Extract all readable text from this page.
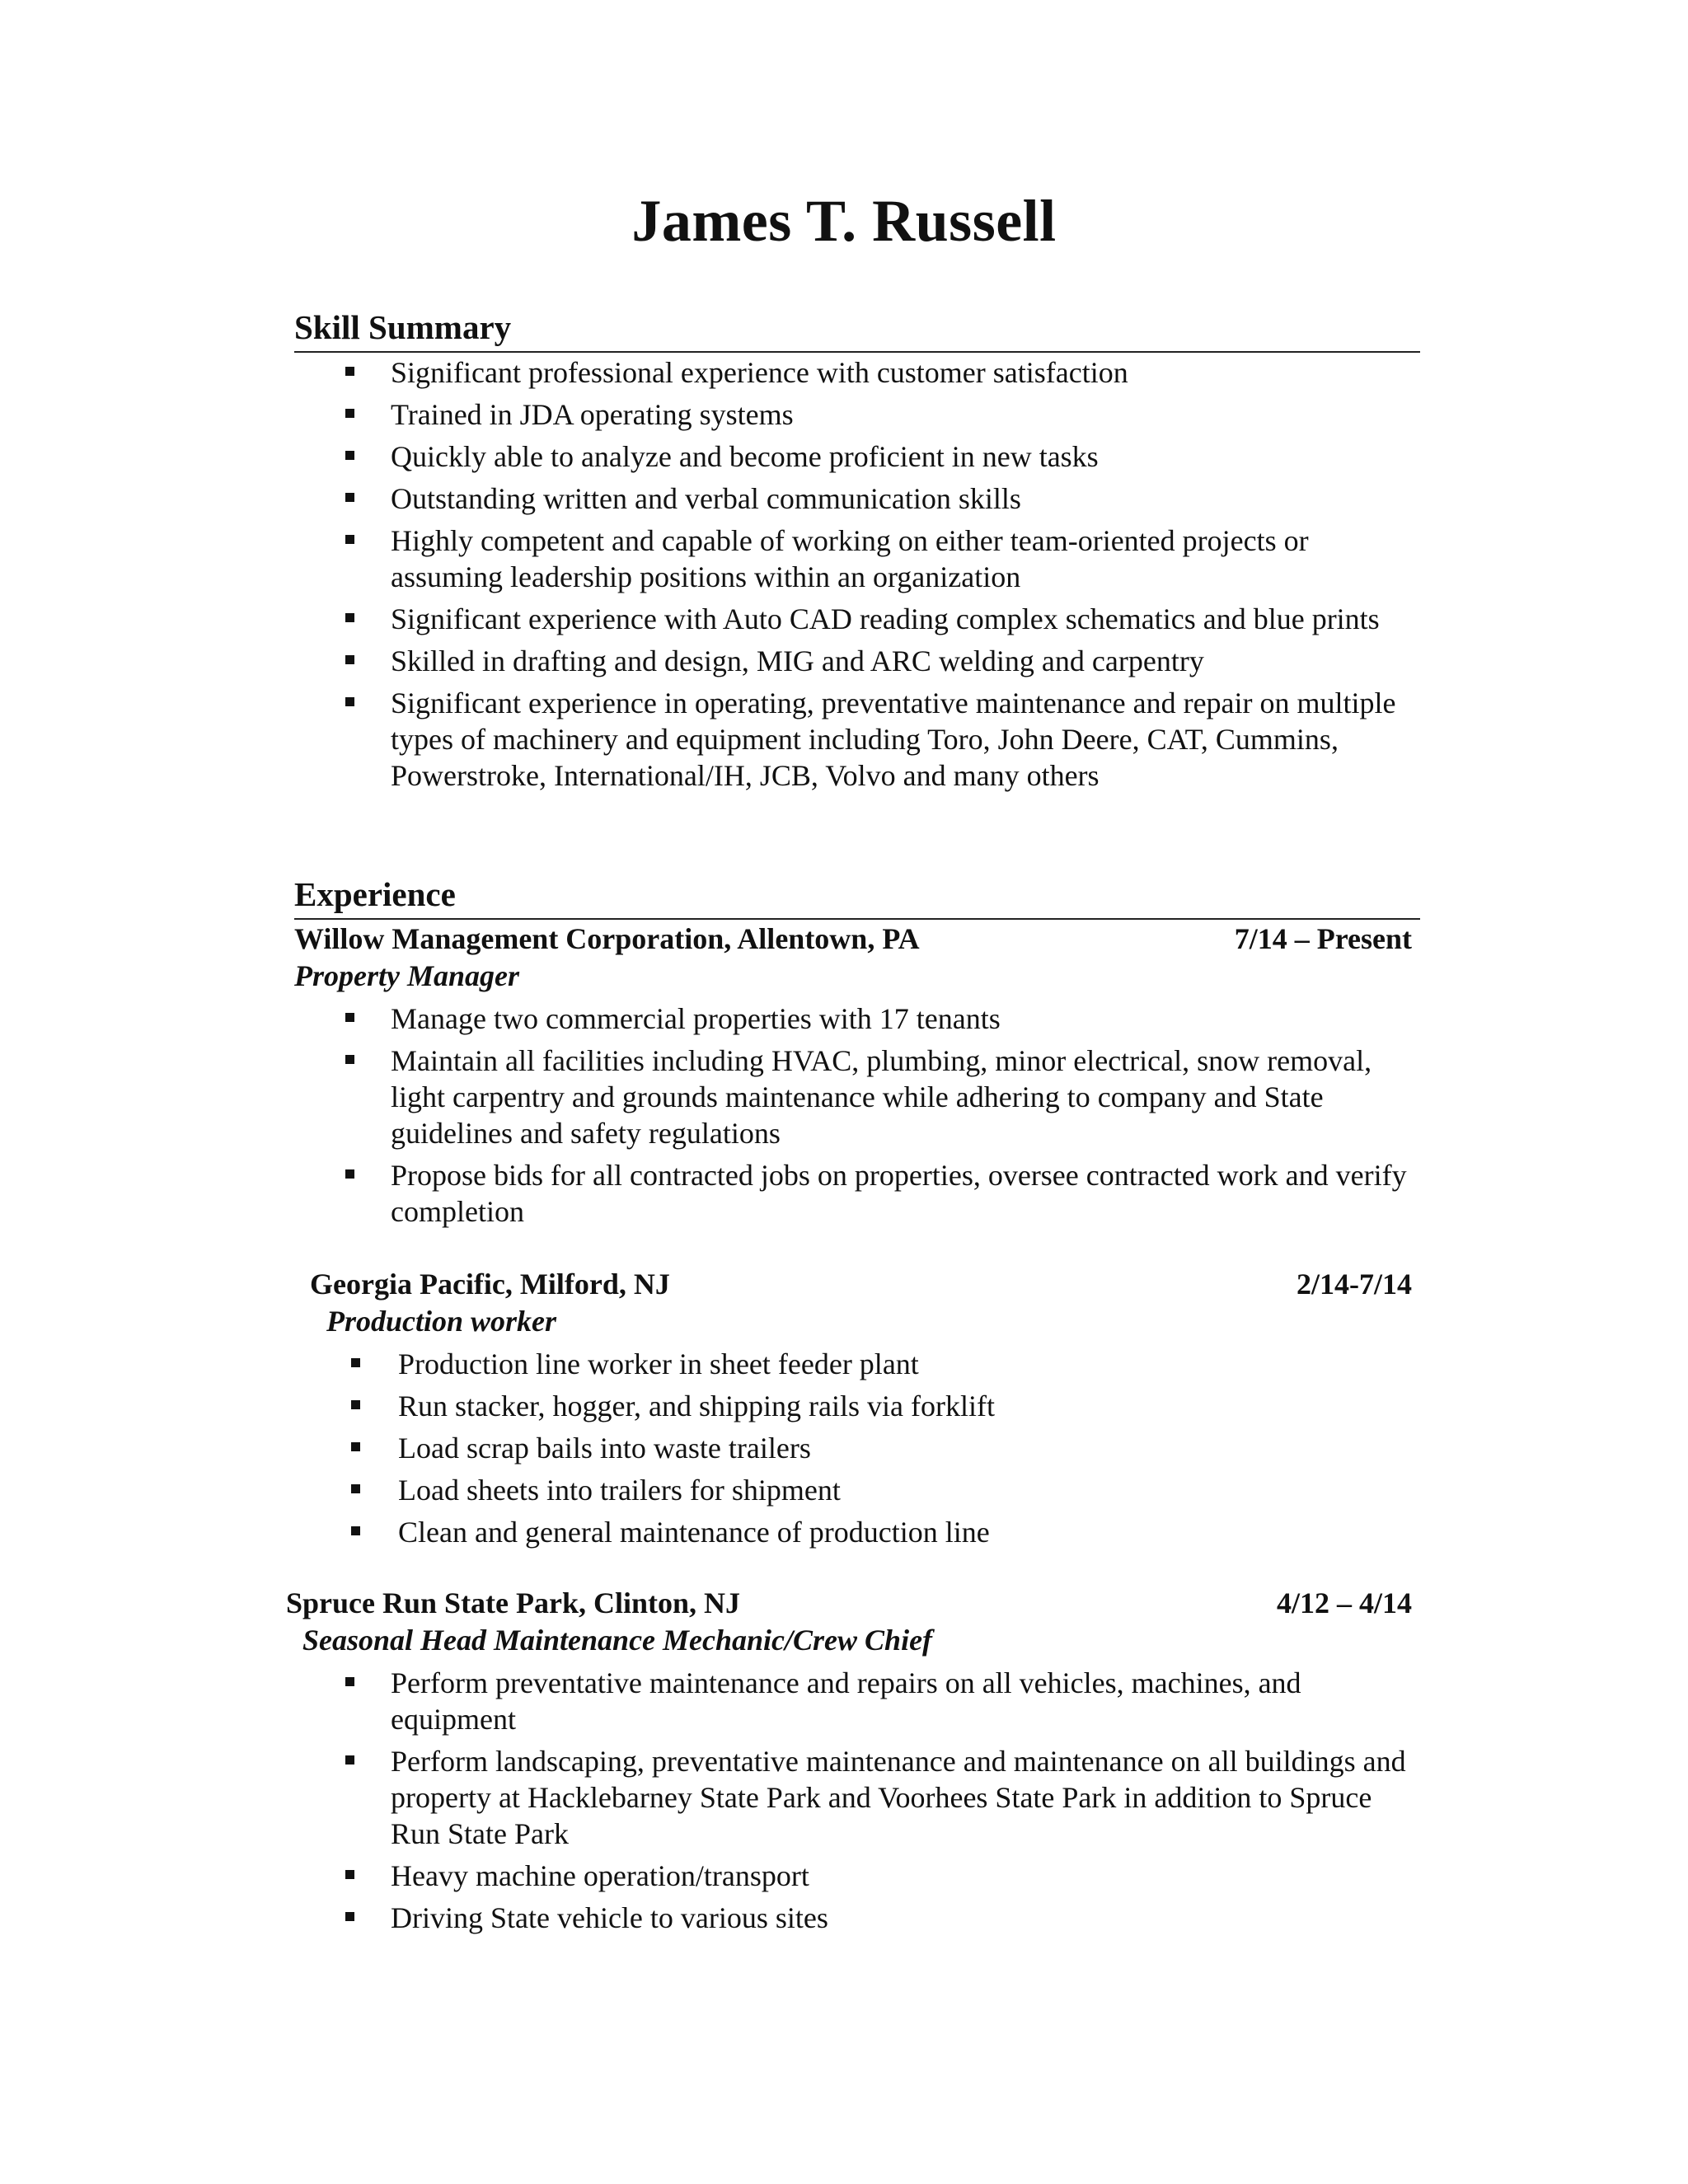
James T. Russell
Skill Summary
Significant professional experience with customer satisfaction
Trained in JDA operating systems
Quickly able to analyze and become proficient in new tasks
Outstanding written and verbal communication skills
Highly competent and capable of working on either team-oriented projects or assuming leadership positions within an organization
Significant experience with Auto CAD reading complex schematics and blue prints
Skilled in drafting and design, MIG and ARC welding and carpentry
Significant experience in operating, preventative maintenance and repair on multiple types of machinery and equipment including Toro, John Deere, CAT, Cummins, Powerstroke, International/IH, JCB, Volvo and many others
Experience
Willow Management Corporation, Allentown, PA	7/14 – Present
Property Manager
Manage two commercial properties with 17 tenants
Maintain all facilities including HVAC, plumbing, minor electrical, snow removal, light carpentry and grounds maintenance while adhering to company and State guidelines and safety regulations
Propose bids for all contracted jobs on properties, oversee contracted work and verify completion
Georgia Pacific, Milford, NJ	2/14-7/14
Production worker
Production line worker in sheet feeder plant
Run stacker, hogger, and shipping rails via forklift
Load scrap bails into waste trailers
Load sheets into trailers for shipment
Clean and general maintenance of production line
Spruce Run State Park, Clinton, NJ	4/12 – 4/14
Seasonal Head Maintenance Mechanic/Crew Chief
Perform preventative maintenance and repairs on all vehicles, machines, and equipment
Perform landscaping, preventative maintenance and maintenance on all buildings and property at Hacklebarney State Park and Voorhees State Park in addition to Spruce Run State Park
Heavy machine operation/transport
Driving State vehicle to various sites
